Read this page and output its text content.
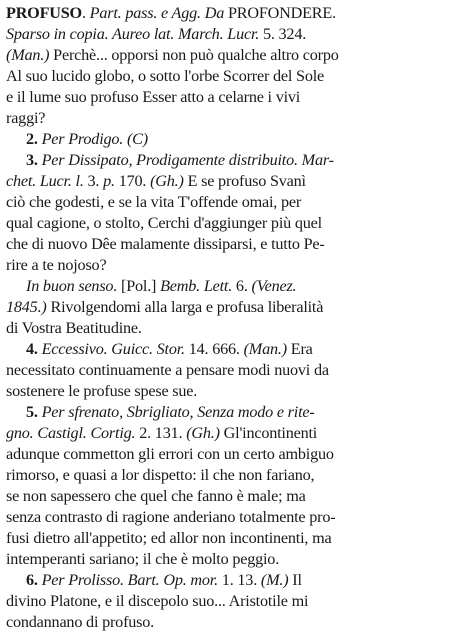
PROFUSO. Part. pass. e Agg. Da PROFONDERE.
Sparso in copia. Aureo lat. March. Lucr. 5. 324.
(Man.) Perchè... opporsi non può qualche altro corpo
Al suo lucido globo, o sotto l'orbe Scorrer del Sole
e il lume suo profuso Esser atto a celarne i vivi
raggi?
2. Per Prodigo. (C)
3. Per Dissipato, Prodigamente distribuito. Mar-
chet. Lucr. l. 3. p. 170. (Gh.) E se profuso Svanì
ciò che godesti, e se la vita T'offende omai, per
qual cagione, o stolto, Cerchi d'aggiunger più quel
che di nuovo Dêe malamente dissiparsi, e tutto Pe-
rire a te nojoso?
In buon senso. [Pol.] Bemb. Lett. 6. (Venez.
1845.) Rivolgendomi alla larga e profusa liberalità
di Vostra Beatitudine.
4. Eccessivo. Guicc. Stor. 14. 666. (Man.) Era
necessitato continuamente a pensare modi nuovi da
sostenere le profuse spese sue.
5. Per sfrenato, Sbrigliato, Senza modo e rite-
gno. Castigl. Cortig. 2. 131. (Gh.) Gl'incontinenti
adunque commetton gli errori con un certo ambiguo
rimorso, e quasi a lor dispetto: il che non fariano,
se non sapessero che quel che fanno è male; ma
senza contrasto di ragione anderiano totalmente pro-
fusi dietro all'appetito; ed allor non incontinenti, ma
intemperanti sariano; il che è molto peggio.
6. Per Prolisso. Bart. Op. mor. 1. 13. (M.) Il
divino Platone, e il discepolo suo... Aristotile mi
condannano di profuso.
